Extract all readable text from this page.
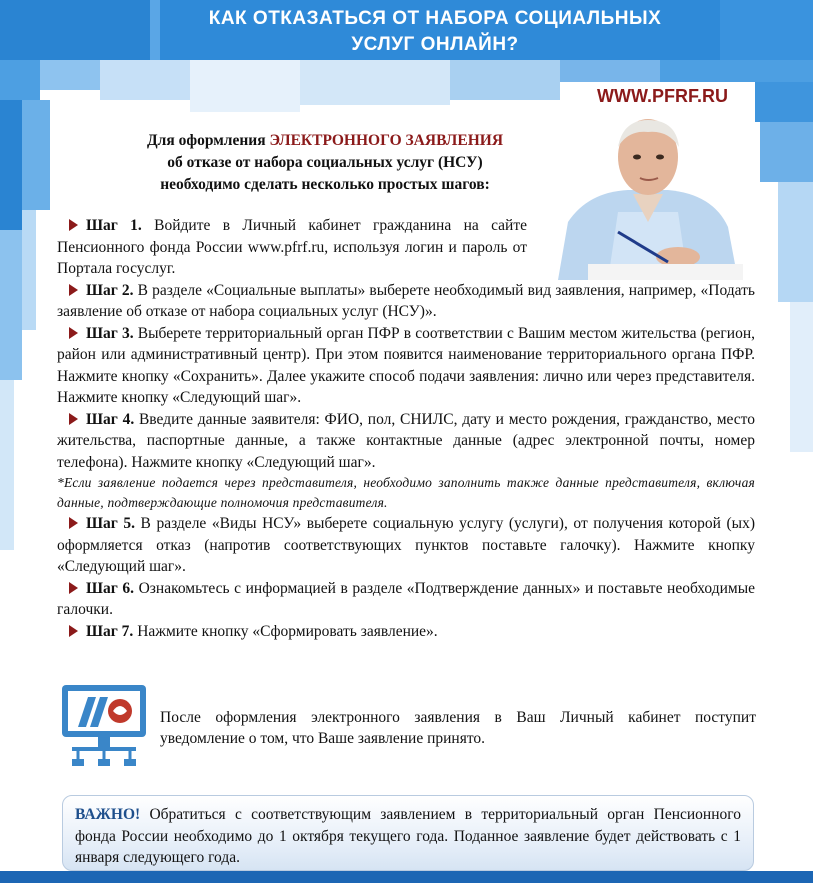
КАК ОТКАЗАТЬСЯ ОТ НАБОРА СОЦИАЛЬНЫХ
УСЛУГ ОНЛАЙН?
WWW.PFRF.RU
Для оформления ЭЛЕКТРОННОГО ЗАЯВЛЕНИЯ
об отказе от набора социальных услуг (НСУ)
необходимо сделать несколько простых шагов:

Шаг 1. Войдите в Личный кабинет гражданина на сайте Пенсионного фонда России www.pfrf.ru, используя логин и пароль от Портала госуслуг.

Шаг 2. В разделе «Социальные выплаты» выберете необходимый вид заявления, например, «Подать заявление об отказе от набора социальных услуг (НСУ)».

Шаг 3. Выберете территориальный орган ПФР в соответствии с Вашим местом жительства (регион, район или административный центр). При этом появится наименование территориального органа ПФР. Нажмите кнопку «Сохранить». Далее укажите способ подачи заявления: лично или через представителя. Нажмите кнопку «Следующий шаг».

Шаг 4. Введите данные заявителя: ФИО, пол, СНИЛС, дату и место рождения, гражданство, место жительства, паспортные данные, а также контактные данные (адрес электронной почты, номер телефона). Нажмите кнопку «Следующий шаг».

*Если заявление подается через представителя, необходимо заполнить также данные представителя, включая данные, подтверждающие полномочия представителя.

Шаг 5. В разделе «Виды НСУ» выберете социальную услугу (услуги), от получения которой (ых) оформляется отказ (напротив соответствующих пунктов поставьте галочку). Нажмите кнопку «Следующий шаг».

Шаг 6. Ознакомьтесь с информацией в разделе «Подтверждение данных» и поставьте необходимые галочки.

Шаг 7. Нажмите кнопку «Сформировать заявление».

После оформления электронного заявления в Ваш Личный кабинет поступит уведомление о том, что Ваше заявление принято.
ВАЖНО! Обратиться с соответствующим заявлением в территориальный орган Пенсионного фонда России необходимо до 1 октября текущего года. Поданное заявление будет действовать с 1 января следующего года.
